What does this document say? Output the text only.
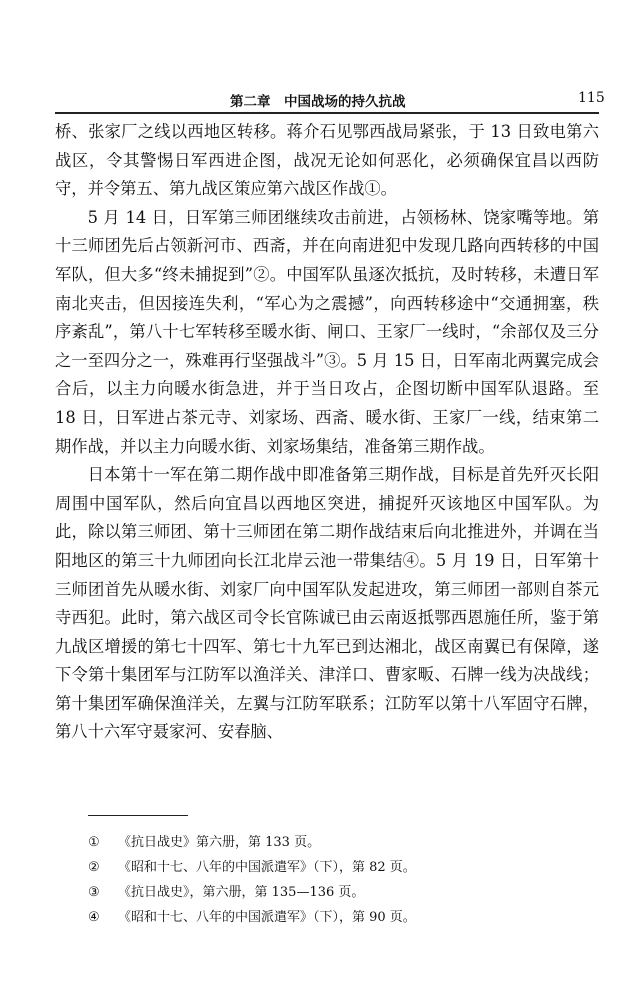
第二章　中国战场的持久抗战	115

桥、张家厂之线以西地区转移。蒋介石见鄂西战局紧张，于 13 日致电第六战区，令其警惕日军西进企图，战况无论如何恶化，必须确保宜昌以西防守，并令第五、第九战区策应第六战区作战①。

5 月 14 日，日军第三师团继续攻击前进，占领杨林、饶家嘴等地。第十三师团先后占领新河市、西斋，并在向南进犯中发现几路向西转移的中国军队，但大多“终未捕捉到”②。中国军队虽逐次抵抗，及时转移，未遭日军南北夹击，但因接连失利，“军心为之震撼”，向西转移途中“交通拥塞，秩序紊乱”，第八十七军转移至暖水街、闸口、王家厂一线时，“余部仅及三分之一至四分之一，殊难再行坚强战斗”③。5 月 15 日，日军南北两翼完成会合后，以主力向暖水街急进，并于当日攻占，企图切断中国军队退路。至 18 日，日军进占茶元寺、刘家场、西斋、暖水街、王家厂一线，结束第二期作战，并以主力向暖水街、刘家场集结，准备第三期作战。

日本第十一军在第二期作战中即准备第三期作战，目标是首先歼灭长阳周围中国军队，然后向宜昌以西地区突进，捕捉歼灭该地区中国军队。为此，除以第三师团、第十三师团在第二期作战结束后向北推进外，并调在当阳地区的第三十九师团向长江北岸云池一带集结④。5 月 19 日，日军第十三师团首先从暖水街、刘家厂向中国军队发起进攻，第三师团一部则自茶元寺西犯。此时，第六战区司令长官陈诚已由云南返抵鄂西恩施任所，鉴于第九战区增援的第七十四军、第七十九军已到达湘北，战区南翼已有保障，遂下令第十集团军与江防军以渔洋关、津洋口、曹家畈、石牌一线为决战线；第十集团军确保渔洋关，左翼与江防军联系；江防军以第十八军固守石牌，第八十六军守聂家河、安春脑、

①	《抗日战史》第六册，第 133 页。
②	《昭和十七、八年的中国派遣军》（下），第 82 页。
③	《抗日战史》，第六册，第 135—136 页。
④	《昭和十七、八年的中国派遣军》（下），第 90 页。
